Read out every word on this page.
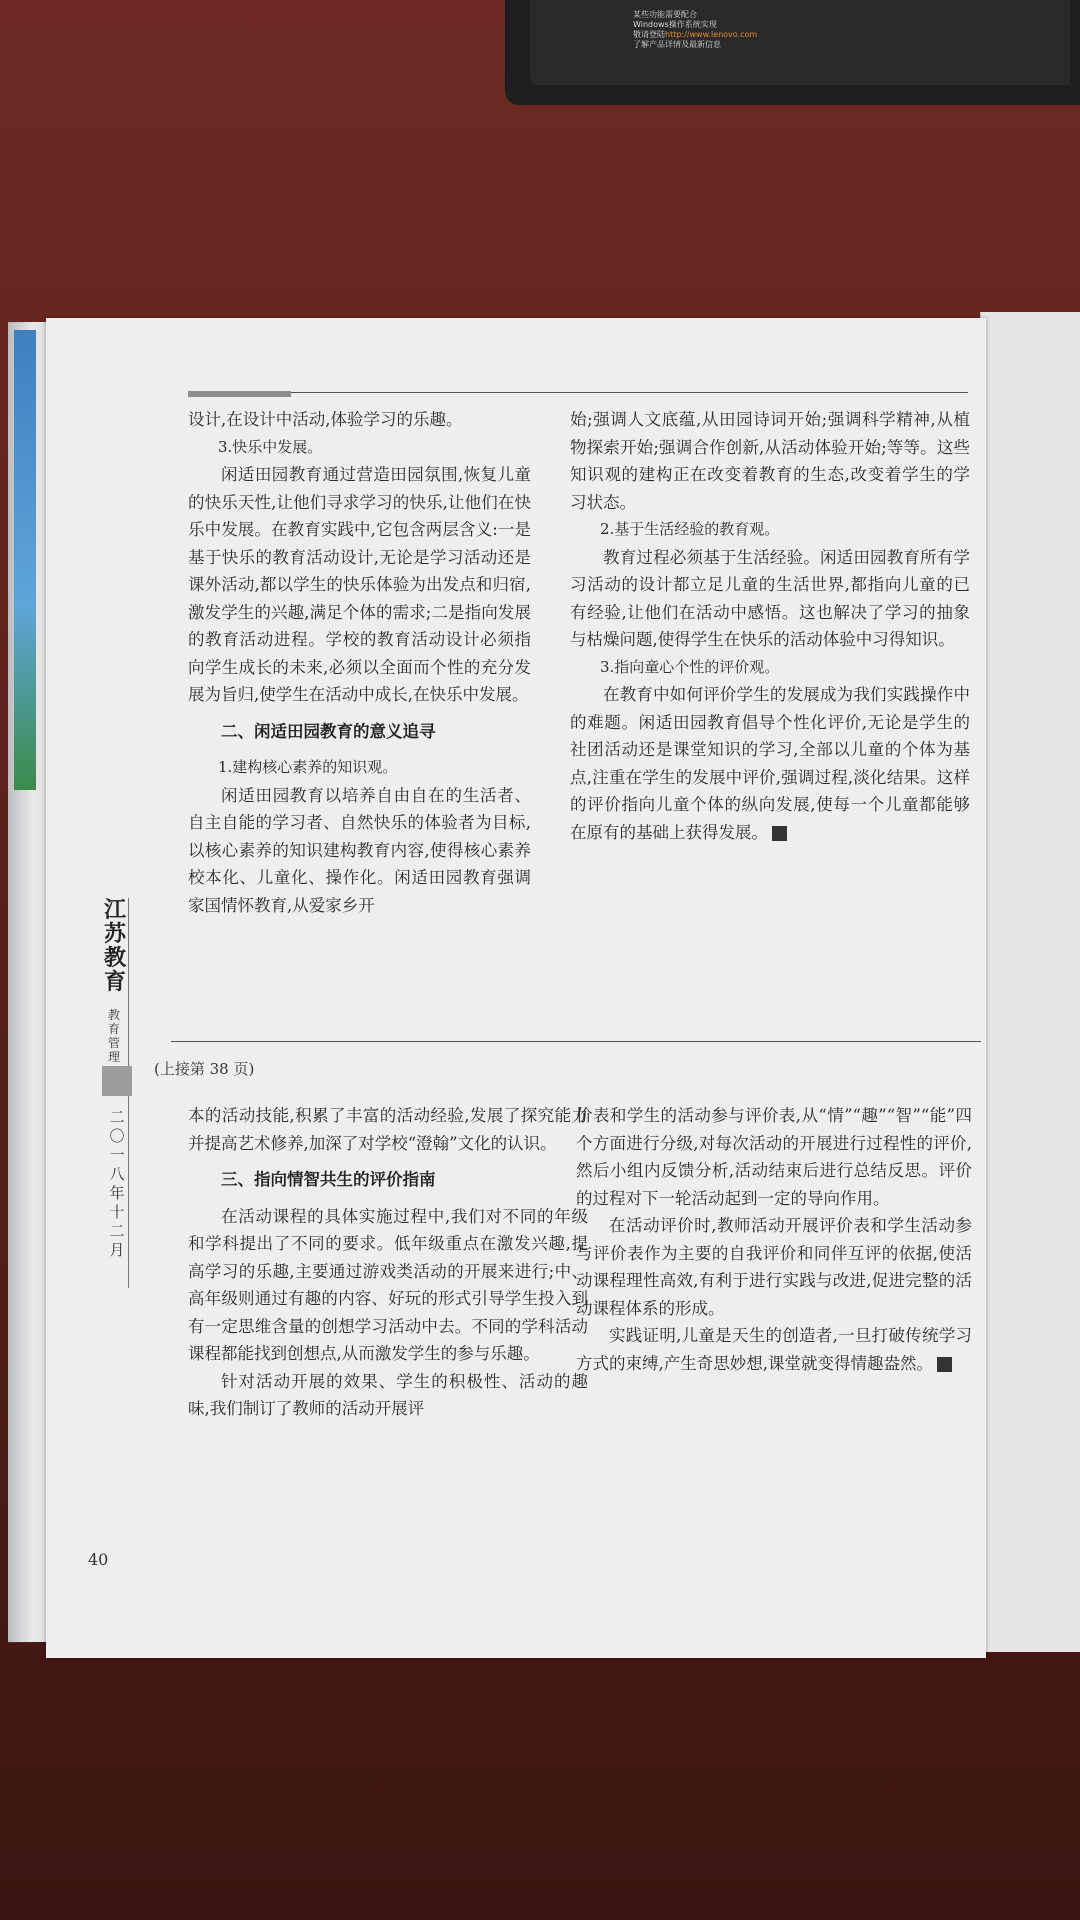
某些功能需要配合
Windows操作系统实现
敬请登陆http://www.lenovo.com
了解产品详情及最新信息

设计,在设计中活动,体验学习的乐趣。

3.快乐中发展。

闲适田园教育通过营造田园氛围,恢复儿童的快乐天性,让他们寻求学习的快乐,让他们在快乐中发展。在教育实践中,它包含两层含义:一是基于快乐的教育活动设计,无论是学习活动还是课外活动,都以学生的快乐体验为出发点和归宿,激发学生的兴趣,满足个体的需求;二是指向发展的教育活动进程。学校的教育活动设计必须指向学生成长的未来,必须以全面而个性的充分发展为旨归,使学生在活动中成长,在快乐中发展。

二、闲适田园教育的意义追寻

1.建构核心素养的知识观。

闲适田园教育以培养自由自在的生活者、自主自能的学习者、自然快乐的体验者为目标,以核心素养的知识建构教育内容,使得核心素养校本化、儿童化、操作化。闲适田园教育强调家国情怀教育,从爱家乡开

始;强调人文底蕴,从田园诗词开始;强调科学精神,从植物探索开始;强调合作创新,从活动体验开始;等等。这些知识观的建构正在改变着教育的生态,改变着学生的学习状态。

2.基于生活经验的教育观。

教育过程必须基于生活经验。闲适田园教育所有学习活动的设计都立足儿童的生活世界,都指向儿童的已有经验,让他们在活动中感悟。这也解决了学习的抽象与枯燥问题,使得学生在快乐的活动体验中习得知识。

3.指向童心个性的评价观。

在教育中如何评价学生的发展成为我们实践操作中的难题。闲适田园教育倡导个性化评价,无论是学生的社团活动还是课堂知识的学习,全部以儿童的个体为基点,注重在学生的发展中评价,强调过程,淡化结果。这样的评价指向儿童个体的纵向发展,使每一个儿童都能够在原有的基础上获得发展。

(上接第 38 页)

本的活动技能,积累了丰富的活动经验,发展了探究能力并提高艺术修养,加深了对学校“澄翰”文化的认识。

三、指向情智共生的评价指南

在活动课程的具体实施过程中,我们对不同的年级和学科提出了不同的要求。低年级重点在激发兴趣,提高学习的乐趣,主要通过游戏类活动的开展来进行;中、高年级则通过有趣的内容、好玩的形式引导学生投入到有一定思维含量的创想学习活动中去。不同的学科活动课程都能找到创想点,从而激发学生的参与乐趣。

针对活动开展的效果、学生的积极性、活动的趣味,我们制订了教师的活动开展评

价表和学生的活动参与评价表,从“情”“趣”“智”“能”四个方面进行分级,对每次活动的开展进行过程性的评价,然后小组内反馈分析,活动结束后进行总结反思。评价的过程对下一轮活动起到一定的导向作用。

在活动评价时,教师活动开展评价表和学生活动参与评价表作为主要的自我评价和同伴互评的依据,使活动课程理性高效,有利于进行实践与改进,促进完整的活动课程体系的形成。

实践证明,儿童是天生的创造者,一旦打破传统学习方式的束缚,产生奇思妙想,课堂就变得情趣盎然。

江
苏
教
育
教
育
管
理
二
〇
一
八
年
十
二
月
40
